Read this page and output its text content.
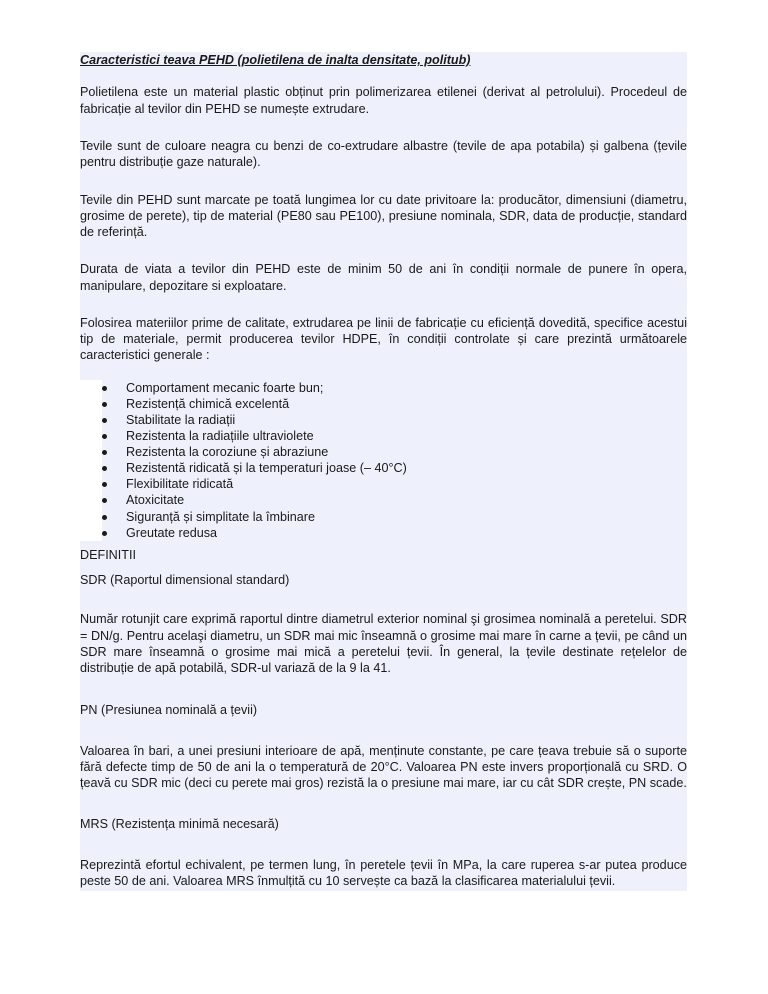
Caracteristici teava PEHD (polietilena de inalta densitate, politub)

Polietilena este un material plastic obținut prin polimerizarea etilenei (derivat al petrolului). Procedeul de fabricație al tevilor din PEHD se numește extrudare.

Tevile sunt de culoare neagra cu benzi de co-extrudare albastre (tevile de apa potabila) și galbena (țevile pentru distribuție gaze naturale).

Tevile din PEHD sunt marcate pe toată lungimea lor cu date privitoare la: producător, dimensiuni (diametru, grosime de perete), tip de material (PE80 sau PE100), presiune nominala, SDR, data de producție, standard de referință.

Durata de viata a tevilor din PEHD este de minim 50 de ani în condiții normale de punere în opera, manipulare, depozitare si exploatare.

Folosirea materiilor prime de calitate, extrudarea pe linii de fabricație cu eficiență dovedită, specifice acestui tip de materiale, permit producerea tevilor HDPE, în condiții controlate și care prezintă următoarele caracteristici generale :

Comportament mecanic foarte bun;
Rezistență chimică excelentă
Stabilitate la radiații
Rezistenta la radiațiile ultraviolete
Rezistenta la coroziune și abraziune
Rezistentă ridicată și la temperaturi joase (– 40°C)
Flexibilitate ridicată
Atoxicitate
Siguranță și simplitate la îmbinare
Greutate redusa

DEFINITII

SDR (Raportul dimensional standard)

Număr rotunjit care exprimă raportul dintre diametrul exterior nominal şi grosimea nominală a peretelui. SDR = DN/g. Pentru acelaşi diametru, un SDR mai mic înseamnă o grosime mai mare în carne a țevii, pe când un SDR mare înseamnă o grosime mai mică a peretelui țevii. În general, la țevile destinate rețelelor de distribuție de apă potabilă, SDR-ul variază de la 9 la 41.

PN (Presiunea nominală a țevii)

Valoarea în bari, a unei presiuni interioare de apă, menținute constante, pe care țeava trebuie să o suporte fără defecte timp de 50 de ani la o temperatură de 20°C. Valoarea PN este invers proporțională cu SRD. O țeavă cu SDR mic (deci cu perete mai gros) rezistă la o presiune mai mare, iar cu cât SDR crește, PN scade.

MRS (Rezistența minimă necesară)

Reprezintă efortul echivalent, pe termen lung, în peretele țevii în MPa, la care ruperea s-ar putea produce peste 50 de ani. Valoarea MRS înmulțită cu 10 servește ca bază la clasificarea materialului țevii.
